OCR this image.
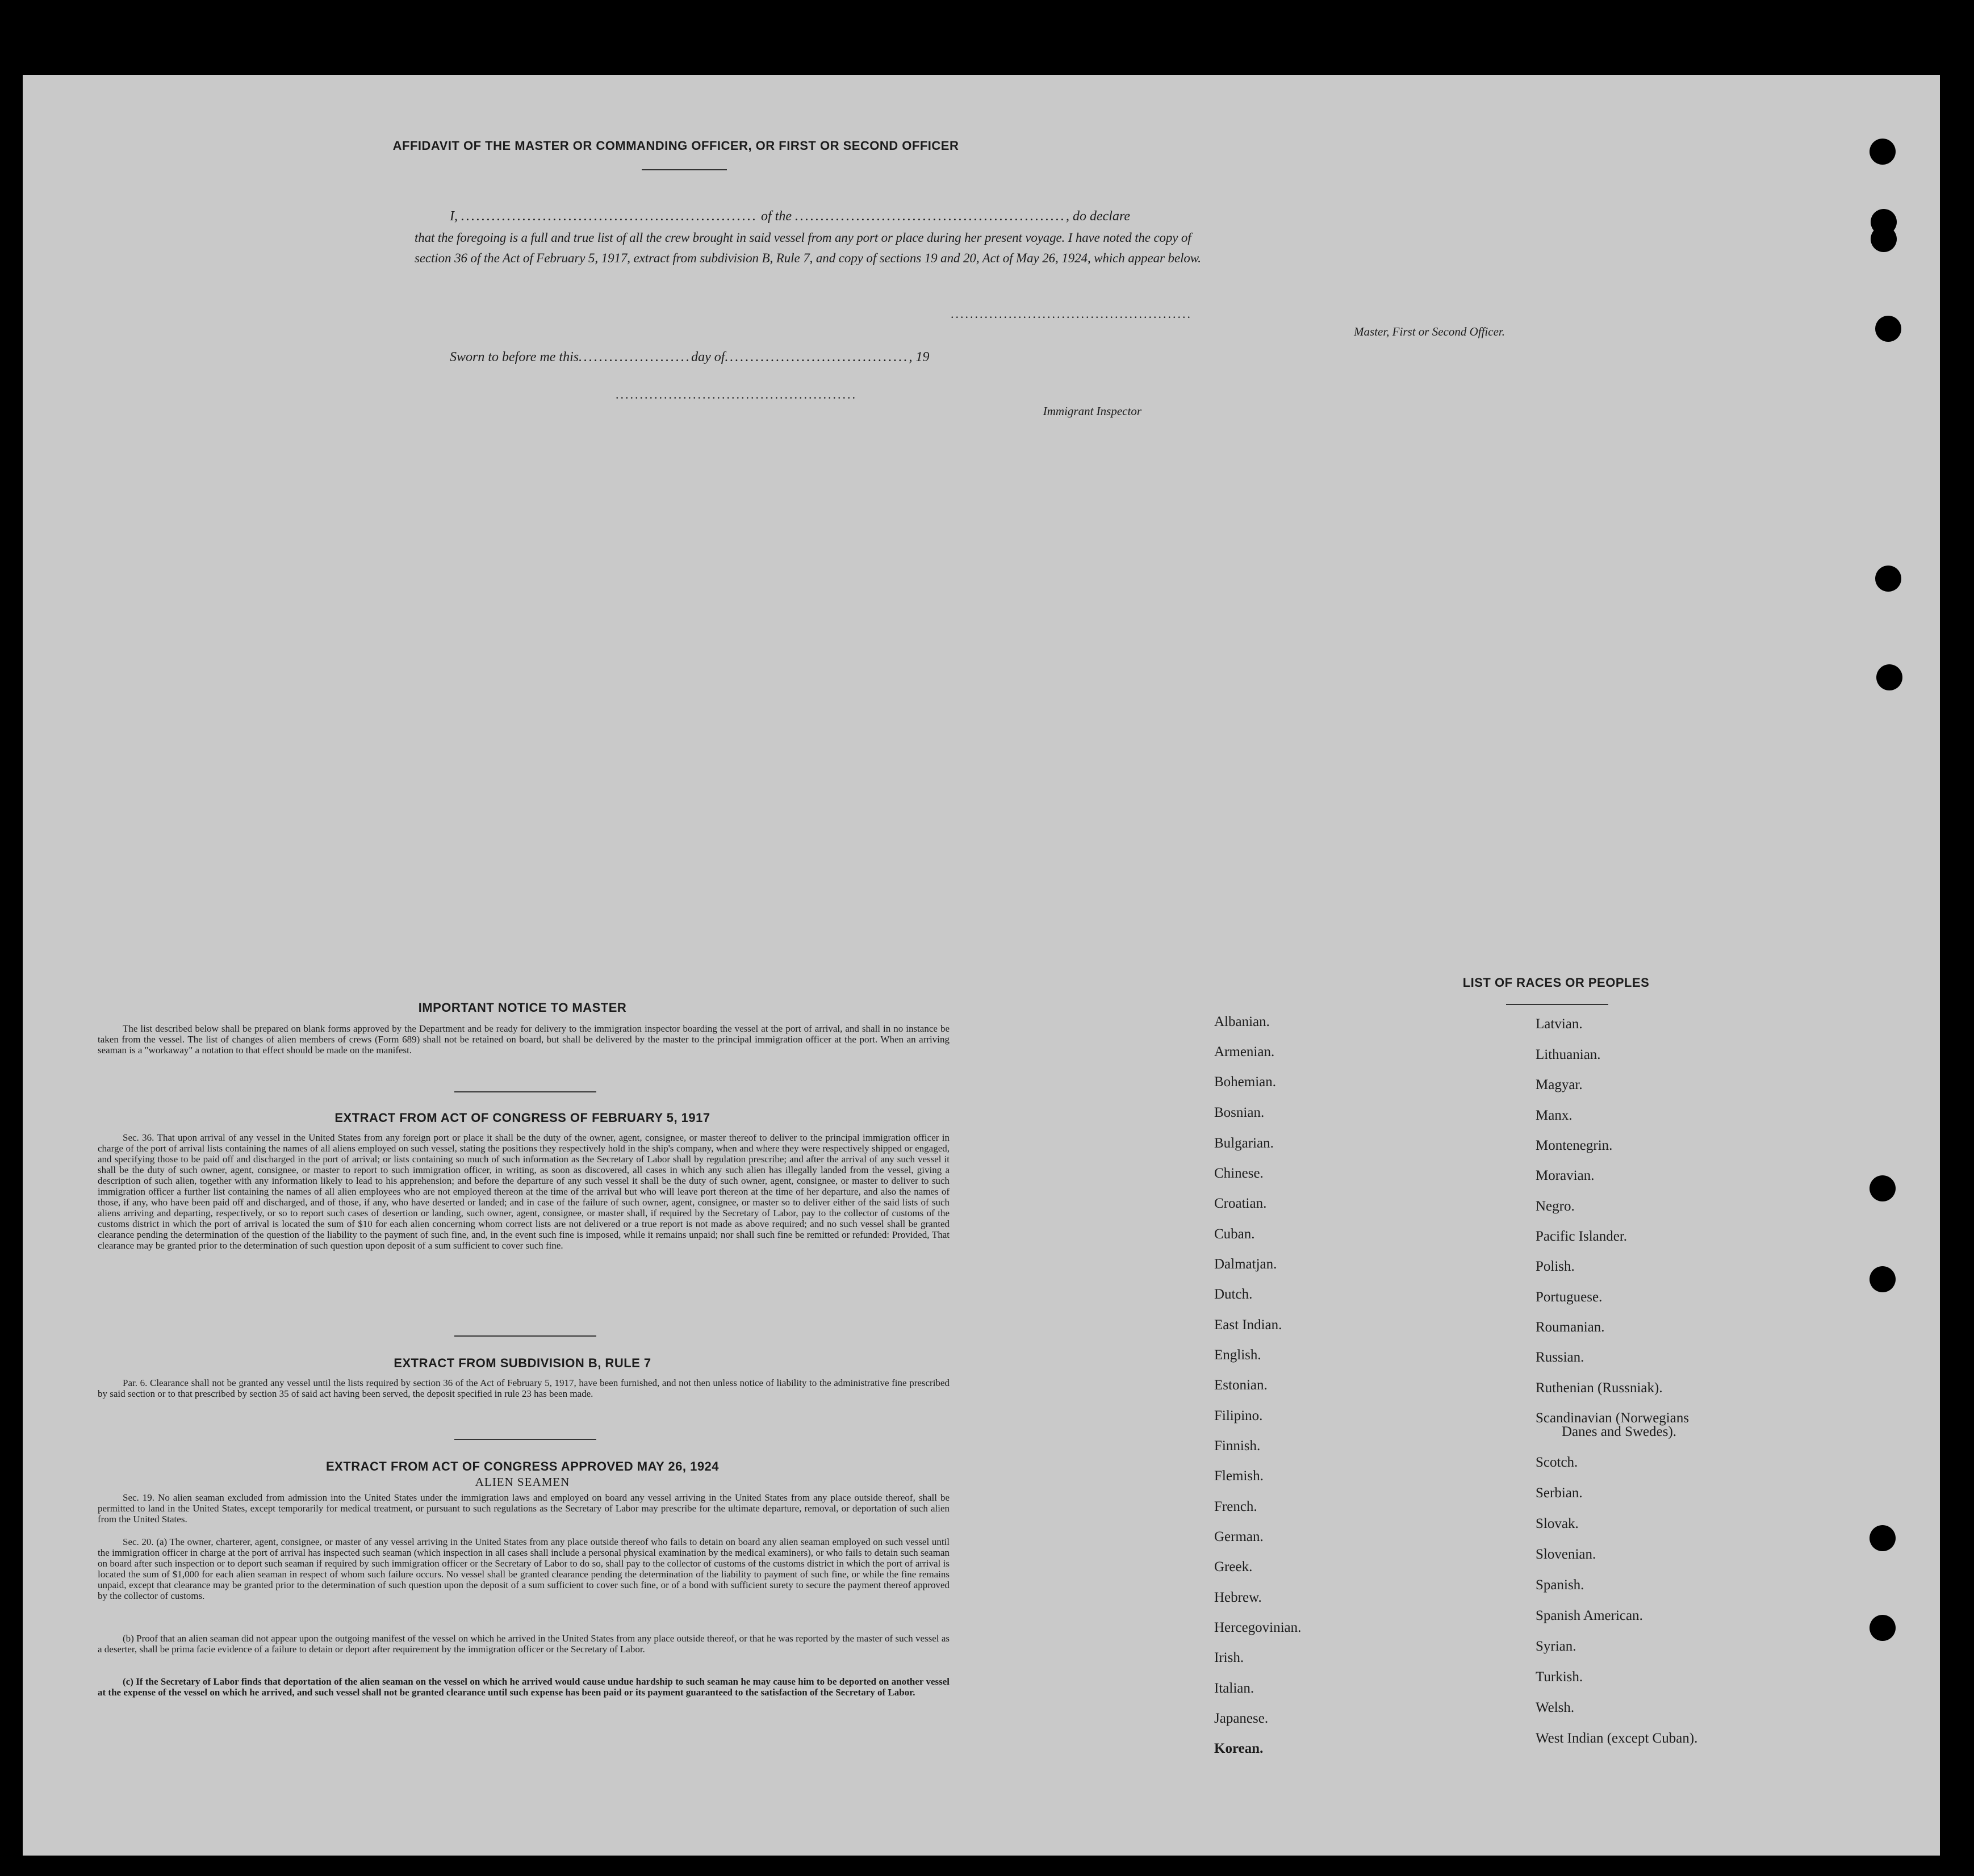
AFFIDAVIT OF THE MASTER OR COMMANDING OFFICER, OR FIRST OR SECOND OFFICER
I, .......................................................... of the ....................................................., do declare
that the foregoing is a full and true list of all the crew brought in said vessel from any port or place during her present voyage. I have noted the copy of
section 36 of the Act of February 5, 1917, extract from subdivision B, Rule 7, and copy of sections 19 and 20, Act of May 26, 1924, which appear below.
..................................................
Master, First or Second Officer.
Sworn to before me this......................day of...................................., 19
..................................................
Immigrant Inspector
IMPORTANT NOTICE TO MASTER
The list described below shall be prepared on blank forms approved by the Department and be ready for delivery to the immigration inspector boarding the vessel at the port of arrival, and shall in no instance be taken from the vessel. The list of changes of alien members of crews (Form 689) shall not be retained on board, but shall be delivered by the master to the principal immigration officer at the port. When an arriving seaman is a "workaway" a notation to that effect should be made on the manifest.
EXTRACT FROM ACT OF CONGRESS OF FEBRUARY 5, 1917
Sec. 36. That upon arrival of any vessel in the United States from any foreign port or place it shall be the duty of the owner, agent, consignee, or master thereof to deliver to the principal immigration officer in charge of the port of arrival lists containing the names of all aliens employed on such vessel, stating the positions they respectively hold in the ship's company, when and where they were respectively shipped or engaged, and specifying those to be paid off and discharged in the port of arrival; or lists containing so much of such information as the Secretary of Labor shall by regulation prescribe; and after the arrival of any such vessel it shall be the duty of such owner, agent, consignee, or master to report to such immigration officer, in writing, as soon as discovered, all cases in which any such alien has illegally landed from the vessel, giving a description of such alien, together with any information likely to lead to his apprehension; and before the departure of any such vessel it shall be the duty of such owner, agent, consignee, or master to deliver to such immigration officer a further list containing the names of all alien employees who are not employed thereon at the time of the arrival but who will leave port thereon at the time of her departure, and also the names of those, if any, who have been paid off and discharged, and of those, if any, who have deserted or landed; and in case of the failure of such owner, agent, consignee, or master so to deliver either of the said lists of such aliens arriving and departing, respectively, or so to report such cases of desertion or landing, such owner, agent, consignee, or master shall, if required by the Secretary of Labor, pay to the collector of customs of the customs district in which the port of arrival is located the sum of $10 for each alien concerning whom correct lists are not delivered or a true report is not made as above required; and no such vessel shall be granted clearance pending the determination of the question of the liability to the payment of such fine, and, in the event such fine is imposed, while it remains unpaid; nor shall such fine be remitted or refunded: Provided, That clearance may be granted prior to the determination of such question upon deposit of a sum sufficient to cover such fine.
EXTRACT FROM SUBDIVISION B, RULE 7
Par. 6. Clearance shall not be granted any vessel until the lists required by section 36 of the Act of February 5, 1917, have been furnished, and not then unless notice of liability to the administrative fine prescribed by said section or to that prescribed by section 35 of said act having been served, the deposit specified in rule 23 has been made.
EXTRACT FROM ACT OF CONGRESS APPROVED MAY 26, 1924
ALIEN SEAMEN
Sec. 19. No alien seaman excluded from admission into the United States under the immigration laws and employed on board any vessel arriving in the United States from any place outside thereof, shall be permitted to land in the United States, except temporarily for medical treatment, or pursuant to such regulations as the Secretary of Labor may prescribe for the ultimate departure, removal, or deportation of such alien from the United States.
Sec. 20. (a) The owner, charterer, agent, consignee, or master of any vessel arriving in the United States from any place outside thereof who fails to detain on board any alien seaman employed on such vessel until the immigration officer in charge at the port of arrival has inspected such seaman (which inspection in all cases shall include a personal physical examination by the medical examiners), or who fails to detain such seaman on board after such inspection or to deport such seaman if required by such immigration officer or the Secretary of Labor to do so, shall pay to the collector of customs of the customs district in which the port of arrival is located the sum of $1,000 for each alien seaman in respect of whom such failure occurs. No vessel shall be granted clearance pending the determination of the liability to payment of such fine, or while the fine remains unpaid, except that clearance may be granted prior to the determination of such question upon the deposit of a sum sufficient to cover such fine, or of a bond with sufficient surety to secure the payment thereof approved by the collector of customs.
(b) Proof that an alien seaman did not appear upon the outgoing manifest of the vessel on which he arrived in the United States from any place outside thereof, or that he was reported by the master of such vessel as a deserter, shall be prima facie evidence of a failure to detain or deport after requirement by the immigration officer or the Secretary of Labor.
(c) If the Secretary of Labor finds that deportation of the alien seaman on the vessel on which he arrived would cause undue hardship to such seaman he may cause him to be deported on another vessel at the expense of the vessel on which he arrived, and such vessel shall not be granted clearance until such expense has been paid or its payment guaranteed to the satisfaction of the Secretary of Labor.
LIST OF RACES OR PEOPLES
Albanian.
Armenian.
Bohemian.
Bosnian.
Bulgarian.
Chinese.
Croatian.
Cuban.
Dalmatjan.
Dutch.
East Indian.
English.
Estonian.
Filipino.
Finnish.
Flemish.
French.
German.
Greek.
Hebrew.
Hercegovinian.
Irish.
Italian.
Japanese.
Korean.
Latvian.
Lithuanian.
Magyar.
Manx.
Montenegrin.
Moravian.
Negro.
Pacific Islander.
Polish.
Portuguese.
Roumanian.
Russian.
Ruthenian (Russniak).
Scandinavian (Norwegians
Danes and Swedes).
Scotch.
Serbian.
Slovak.
Slovenian.
Spanish.
Spanish American.
Syrian.
Turkish.
Welsh.
West Indian (except Cuban).
